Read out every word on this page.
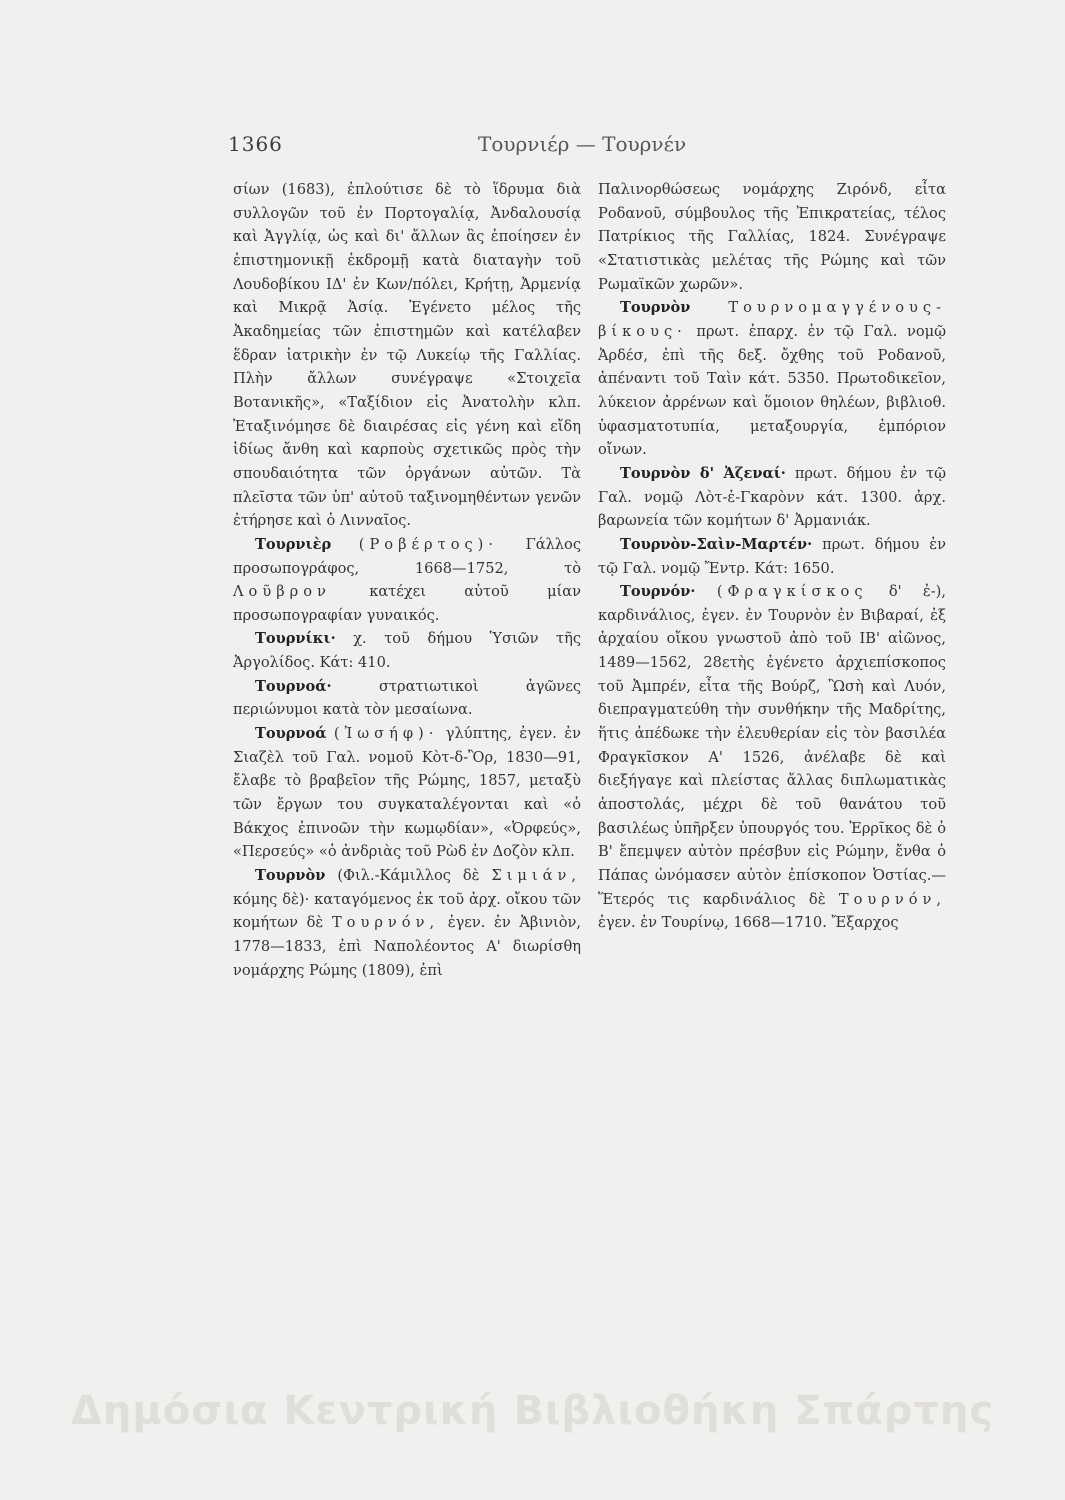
1366	Τουρνιέρ — Τουρνέν

σίων (1683), ἐπλούτισε δὲ τὸ ἵδρυμα διὰ συλλογῶν τοῦ ἐν Πορτογαλίᾳ, Ἀνδαλουσίᾳ καὶ Ἀγγλίᾳ, ὡς καὶ δι' ἄλλων ἃς ἐποίησεν ἐν ἐπιστημονικῇ ἐκδρομῇ κατὰ διαταγὴν τοῦ Λουδοβίκου ΙΔ' ἐν Κων/πόλει, Κρήτῃ, Ἀρμενίᾳ καὶ Μικρᾷ Ἀσίᾳ. Ἐγένετο μέλος τῆς Ἀκαδημείας τῶν ἐπιστημῶν καὶ κατέλαβεν ἕδραν ἰατρικὴν ἐν τῷ Λυκείῳ τῆς Γαλλίας. Πλὴν ἄλλων συνέγραψε «Στοιχεῖα Βοτανικῆς», «Ταξίδιον εἰς Ἀνατολὴν κλπ. Ἐταξινόμησε δὲ διαιρέσας εἰς γένη καὶ εἴδη ἰδίως ἄνθη καὶ καρποὺς σχετικῶς πρὸς τὴν σπουδαιότητα τῶν ὀργάνων αὐτῶν. Τὰ πλεῖστα τῶν ὑπ' αὐτοῦ ταξινομηθέντων γενῶν ἐτήρησε καὶ ὁ Λινναῖος.

Τουρνιὲρ (Ροβέρτος)· Γάλλος προσωπογράφος, 1668—1752, τὸ Λοῦβρον κατέχει αὐτοῦ μίαν προσωπογραφίαν γυναικός.

Τουρνίκι· χ. τοῦ δήμου Ὑσιῶν τῆς Ἀργολίδος. Κάτ: 410.

Τουρνοά· στρατιωτικοὶ ἀγῶνες περιώνυμοι κατὰ τὸν μεσαίωνα.

Τουρνοά (Ἰωσήφ)· γλύπτης, ἐγεν. ἐν Σιαζὲλ τοῦ Γαλ. νομοῦ Κὸτ-δ-Ὂρ, 1830—91, ἔλαβε τὸ βραβεῖον τῆς Ρώμης, 1857, μεταξὺ τῶν ἔργων του συγκαταλέγονται καὶ «ὁ Βάκχος ἐπινοῶν τὴν κωμῳδίαν», «Ὀρφεύς», «Περσεύς» «ὁ ἀνδριὰς τοῦ Ρὼδ ἐν Δοζὸν κλπ.

Τουρνὸν (Φιλ.-Κάμιλλος δὲ Σιμιάν, κόμης δὲ)· καταγόμενος ἐκ τοῦ ἀρχ. οἴκου τῶν κομήτων δὲ Τουρνόν, ἐγεν. ἐν Ἀβινιὸν, 1778—1833, ἐπὶ Ναπολέοντος Α' διωρίσθη νομάρχης Ρώμης (1809), ἐπὶ

Παλινορθώσεως νομάρχης Ζιρόνδ, εἶτα Ροδανοῦ, σύμβουλος τῆς Ἐπικρατείας, τέλος Πατρίκιος τῆς Γαλλίας, 1824. Συνέγραψε «Στατιστικὰς μελέτας τῆς Ρώμης καὶ τῶν Ρωμαϊκῶν χωρῶν».

Τουρνὸν	Τουρνομαγγένους-βίκους· πρωτ. ἐπαρχ. ἐν τῷ Γαλ. νομῷ Ἀρδέσ, ἐπὶ τῆς δεξ. ὄχθης τοῦ Ροδανοῦ, ἀπέναντι τοῦ Ταὶν κάτ. 5350. Πρωτοδικεῖον, λύκειον ἀρρένων καὶ ὅμοιον θηλέων, βιβλιοθ. ὑφασματοτυπία, μεταξουργία, ἐμπόριον οἴνων.

Τουρνὸν δ' Ἀζεναί· πρωτ. δήμου ἐν τῷ Γαλ. νομῷ Λὸτ-ἐ-Γκαρὸνν κάτ. 1300. ἀρχ. βαρωνεία τῶν κομήτων δ' Ἀρμανιάκ.

Τουρνὸν-Σαὶν-Μαρτέν· πρωτ. δήμου ἐν τῷ Γαλ. νομῷ Ἔντρ. Κάτ: 1650.

Τουρνόν· (Φραγκίσκος δ' ἐ-), καρδινάλιος, ἐγεν. ἐν Τουρνὸν ἐν Βιβαραί, ἐξ ἀρχαίου οἴκου γνωστοῦ ἀπὸ τοῦ ΙΒ' αἰῶνος, 1489—1562, 28ετὴς ἐγένετο ἀρχιεπίσκοπος τοῦ Ἀμπρέν, εἶτα τῆς Βούρζ, Ὢσὴ καὶ Λυόν, διεπραγματεύθη τὴν συνθήκην τῆς Μαδρίτης, ἥτις ἀπέδωκε τὴν ἐλευθερίαν εἰς τὸν βασιλέα Φραγκῖσκον Α' 1526, ἀνέλαβε δὲ καὶ διεξήγαγε καὶ πλείστας ἄλλας διπλωματικὰς ἀποστολάς, μέχρι δὲ τοῦ θανάτου τοῦ βασιλέως ὑπῆρξεν ὑπουργός του. Ἐρρῖκος δὲ ὁ Β' ἔπεμψεν αὐτὸν πρέσβυν εἰς Ρώμην, ἔνθα ὁ Πάπας ὠνόμασεν αὐτὸν ἐπίσκοπον Ὀστίας.—Ἕτερός τις καρδινάλιος δὲ Τουρνόν, ἐγεν. ἐν Τουρίνῳ, 1668—1710. Ἔξαρχος

Δημόσια Κεντρική Βιβλιοθήκη Σπάρτης
